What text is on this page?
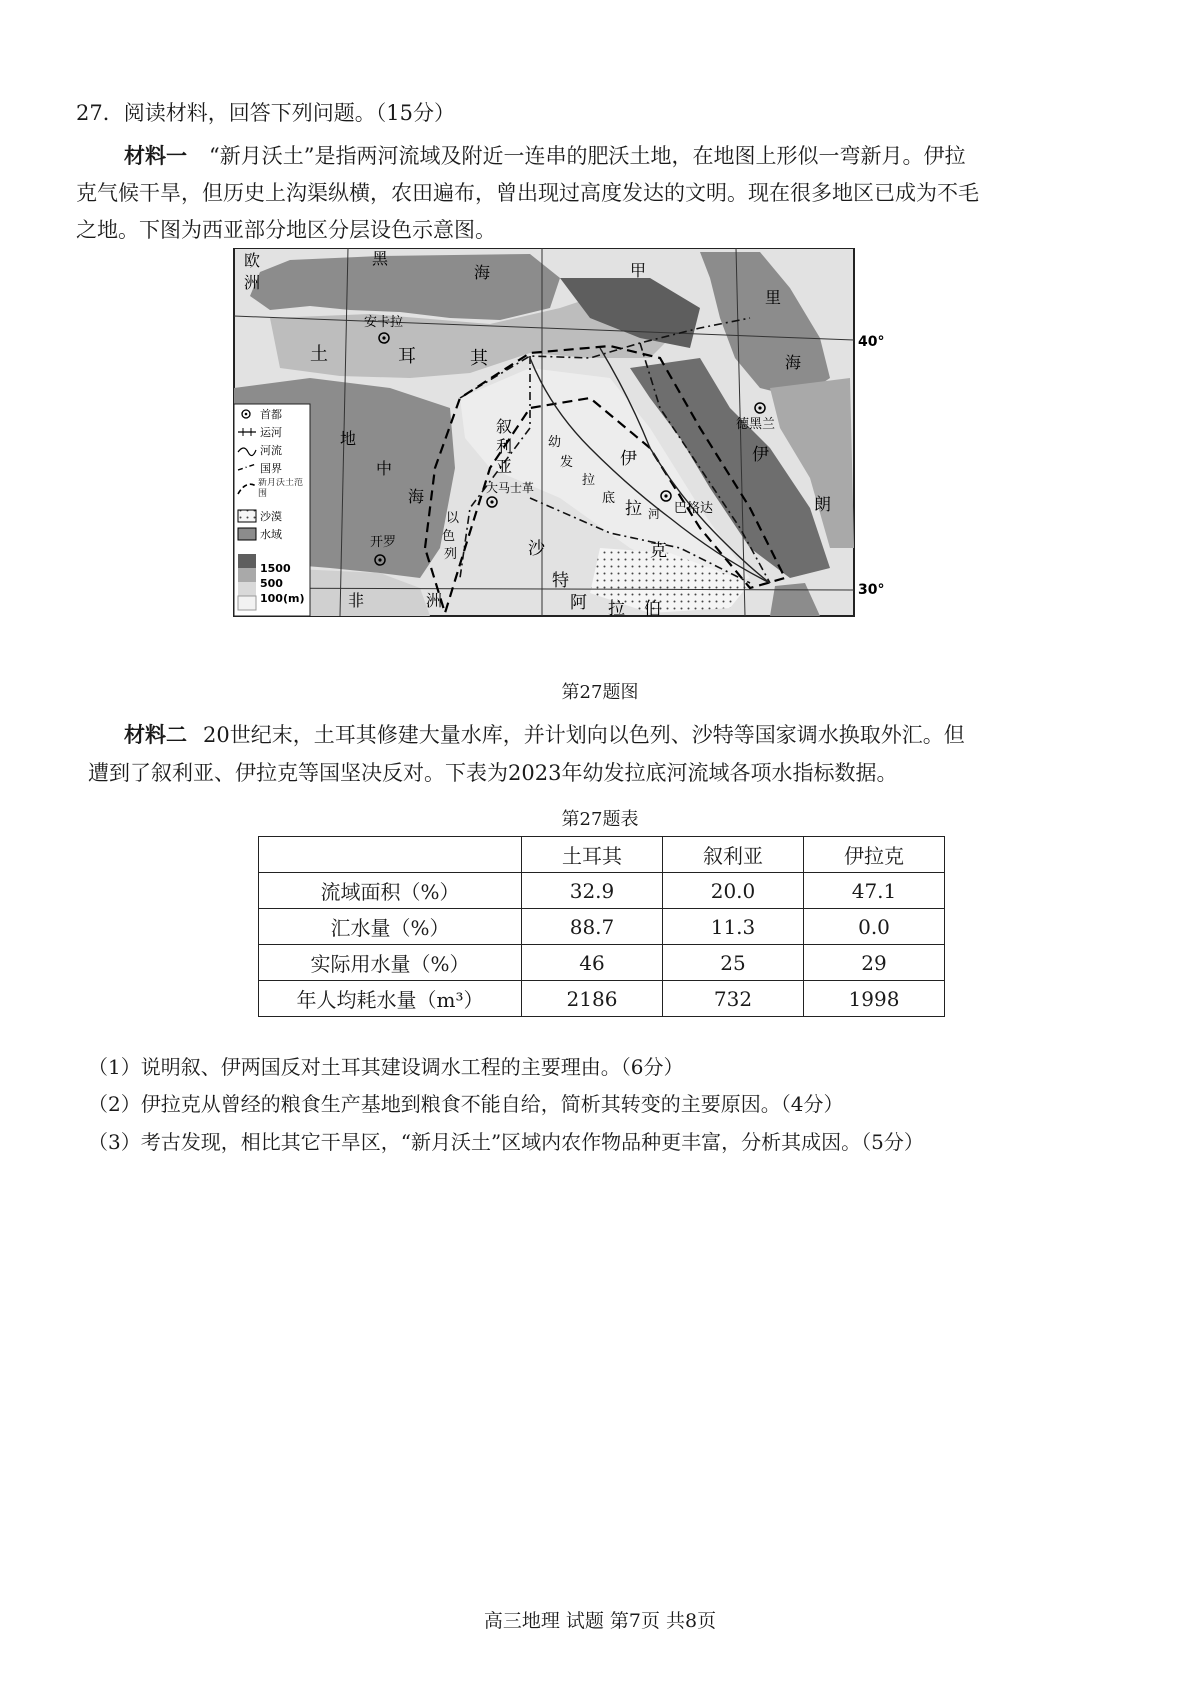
27．阅读材料，回答下列问题。（15分）
材料一 “新月沃土”是指两河流域及附近一连串的肥沃土地，在地图上形似一弯新月。伊拉
克气候干旱，但历史上沟渠纵横，农田遍布，曾出现过高度发达的文明。现在很多地区已成为不毛
之地。下图为西亚部分地区分层设色示意图。
欧
洲
黑
海	甲
里
海
安卡拉
土	耳	其
叙
利
亚
大马士革
幼
发
拉
底
伊
拉
克
巴格达
河
德黑兰
伊
朗
地
中
海
以
色
列
开罗
非	洲
沙
特
阿 拉 伯
40°
30°
首都
运河
河流
国界
新月沃土范围
沙漠
水域
1500
500
100(m)
第27题图
材料二 20世纪末，土耳其修建大量水库，并计划向以色列、沙特等国家调水换取外汇。但
遭到了叙利亚、伊拉克等国坚决反对。下表为2023年幼发拉底河流域各项水指标数据。
第27题表
	土耳其	叙利亚	伊拉克
流域面积（%）	32.9	20.0	47.1
汇水量（%）	88.7	11.3	0.0
实际用水量（%）	46	25	29
年人均耗水量（m³）	2186	732	1998
（1）说明叙、伊两国反对土耳其建设调水工程的主要理由。（6分）
（2）伊拉克从曾经的粮食生产基地到粮食不能自给，简析其转变的主要原因。（4分）
（3）考古发现，相比其它干旱区，“新月沃土”区域内农作物品种更丰富，分析其成因。（5分）
高三地理 试题 第7页 共8页
